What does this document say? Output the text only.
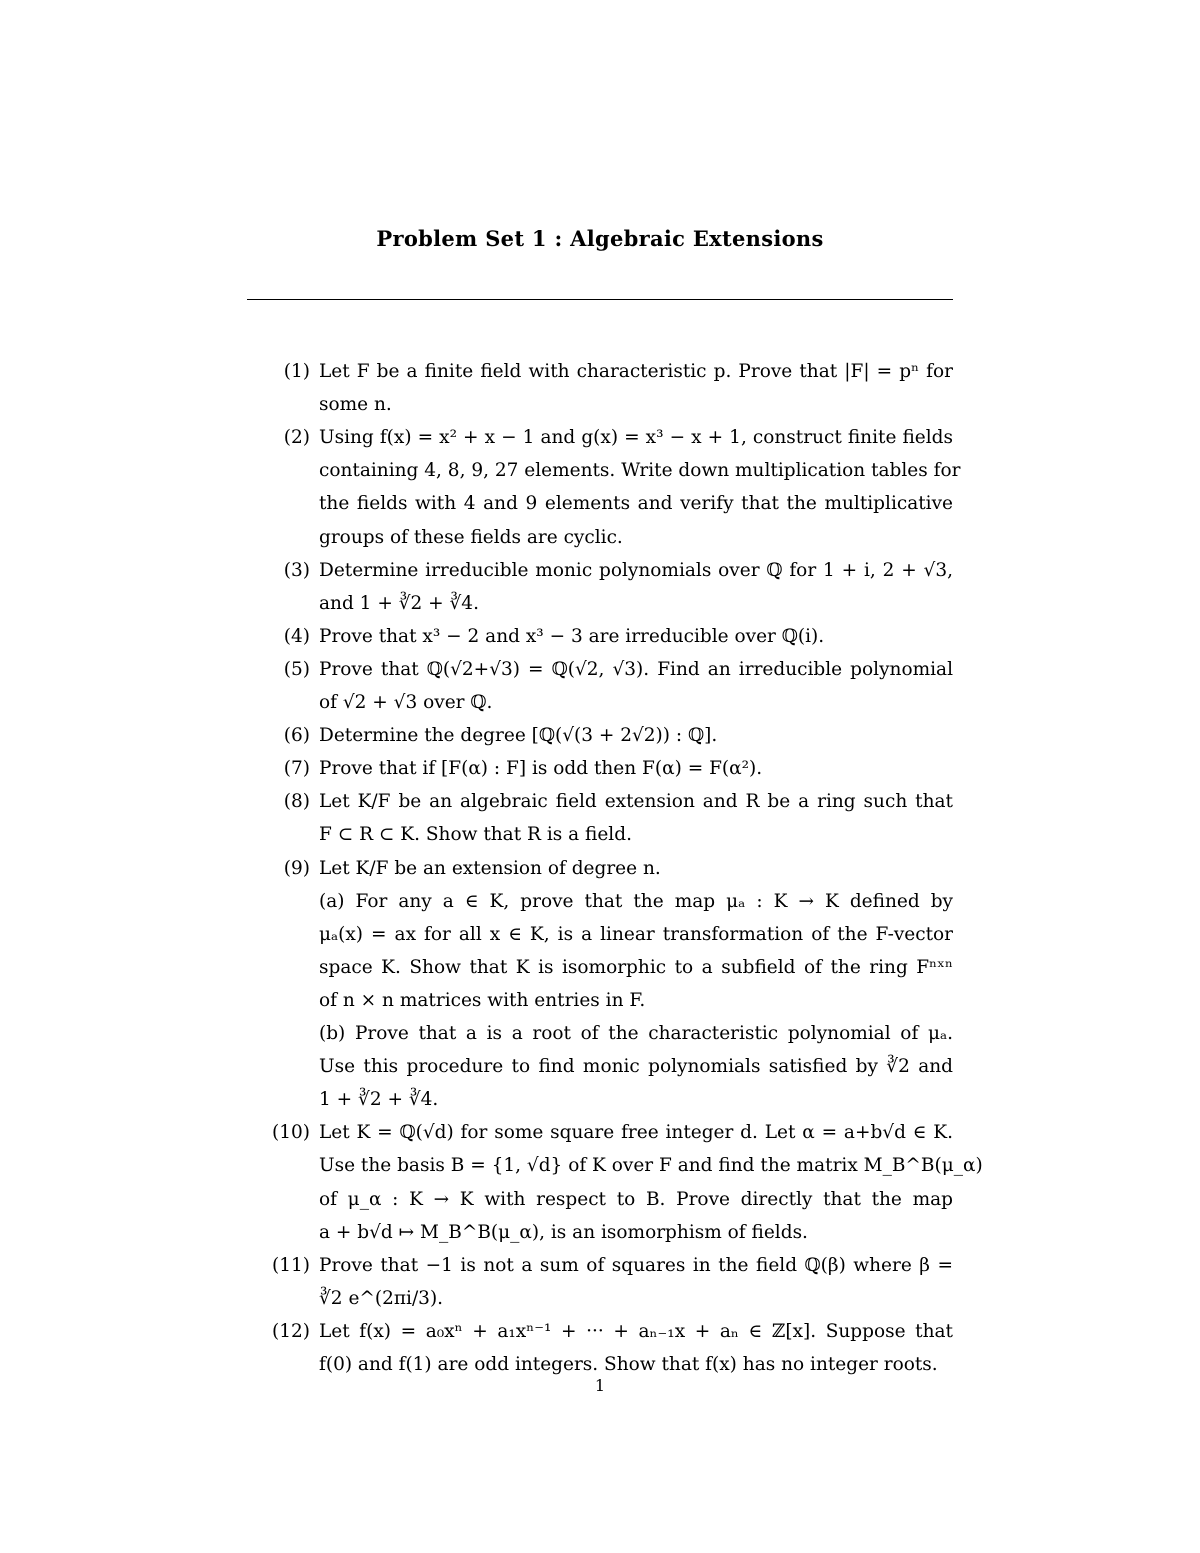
Problem Set 1 : Algebraic Extensions
(1) Let F be a finite field with characteristic p. Prove that |F| = pⁿ for
some n.
(2) Using f(x) = x² + x − 1 and g(x) = x³ − x + 1, construct finite fields
containing 4, 8, 9, 27 elements. Write down multiplication tables for
the fields with 4 and 9 elements and verify that the multiplicative
groups of these fields are cyclic.
(3) Determine irreducible monic polynomials over ℚ for 1 + i, 2 + √3,
and 1 + ∛2 + ∛4.
(4) Prove that x³ − 2 and x³ − 3 are irreducible over ℚ(i).
(5) Prove that ℚ(√2+√3) = ℚ(√2, √3). Find an irreducible polynomial
of √2 + √3 over ℚ.
(6) Determine the degree [ℚ(√(3 + 2√2)) : ℚ].
(7) Prove that if [F(α) : F] is odd then F(α) = F(α²).
(8) Let K/F be an algebraic field extension and R be a ring such that
F ⊂ R ⊂ K. Show that R is a field.
(9) Let K/F be an extension of degree n.
(a) For any a ∈ K, prove that the map μₐ : K → K defined by
μₐ(x) = ax for all x ∈ K, is a linear transformation of the F-vector
space K. Show that K is isomorphic to a subfield of the ring Fⁿˣⁿ
of n × n matrices with entries in F.
(b) Prove that a is a root of the characteristic polynomial of μₐ.
Use this procedure to find monic polynomials satisfied by ∛2 and
1 + ∛2 + ∛4.
(10) Let K = ℚ(√d) for some square free integer d. Let α = a+b√d ∈ K.
Use the basis B = {1, √d} of K over F and find the matrix M_B^B(μ_α)
of μ_α : K → K with respect to B. Prove directly that the map
a + b√d ↦ M_B^B(μ_α), is an isomorphism of fields.
(11) Prove that −1 is not a sum of squares in the field ℚ(β) where β =
∛2 e^(2πi/3).
(12) Let f(x) = a₀xⁿ + a₁xⁿ⁻¹ + ··· + aₙ₋₁x + aₙ ∈ ℤ[x]. Suppose that
f(0) and f(1) are odd integers. Show that f(x) has no integer roots.
1
